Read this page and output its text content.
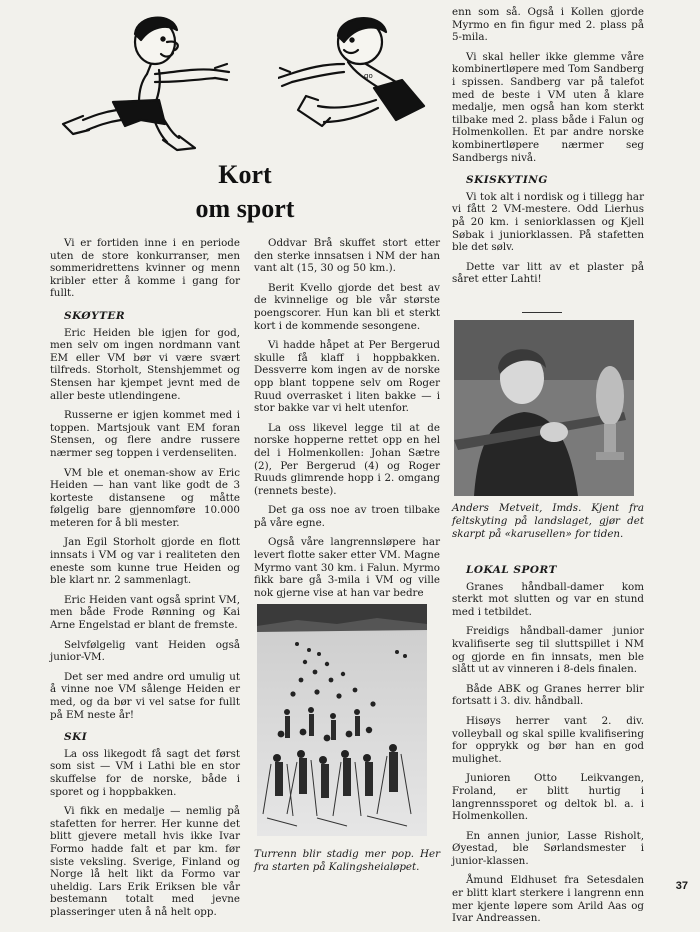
go
Kort
om sport

Vi er fortiden inne i en periode uten de store konkurranser, men sommeridrettens kvinner og menn kribler etter å komme i gang for fullt.

SKØYTER

Eric Heiden ble igjen for god, men selv om ingen nordmann vant EM eller VM bør vi være svært tilfreds. Storholt, Stenshjemmet og Stensen har kjempet jevnt med de aller beste utlendingene.

Russerne er igjen kommet med i toppen. Martsjouk vant EM foran Stensen, og flere andre russere nærmer seg toppen i verdenseliten.

VM ble et oneman-show av Eric Heiden — han vant like godt de 3 korteste distansene og måtte følgelig bare gjennomføre 10.000 meteren for å bli mester.

Jan Egil Storholt gjorde en flott innsats i VM og var i realiteten den eneste som kunne true Heiden og ble klart nr. 2 sammenlagt.

Eric Heiden vant også sprint VM, men både Frode Rønning og Kai Arne Engelstad er blant de fremste.

Selvfølgelig vant Heiden også junior-VM.

Det ser med andre ord umulig ut å vinne noe VM sålenge Heiden er med, og da bør vi vel satse for fullt på EM neste år!

SKI

La oss likegodt få sagt det først som sist — VM i Lathi ble en stor skuffelse for de norske, både i sporet og i hoppbakken.

Vi fikk en medalje — nemlig på stafetten for herrer. Her kunne det blitt gjevere metall hvis ikke Ivar Formo hadde falt et par km. før siste veksling. Sverige, Finland og Norge lå helt likt da Formo var uheldig. Lars Erik Eriksen ble vår bestemann totalt med jevne plasseringer uten å nå helt opp.

Oddvar Brå skuffet stort etter den sterke innsatsen i NM der han vant alt (15, 30 og 50 km.).

Berit Kvello gjorde det best av de kvinnelige og ble vår største poengscorer. Hun kan bli et sterkt kort i de kommende sesongene.

Vi hadde håpet at Per Bergerud skulle få klaff i hoppbakken. Dessverre kom ingen av de norske opp blant toppene selv om Roger Ruud overrasket i liten bakke — i stor bakke var vi helt utenfor.

La oss likevel legge til at de norske hopperne rettet opp en hel del i Holmenkollen: Johan Sætre (2), Per Bergerud (4) og Roger Ruuds glimrende hopp i 2. omgang (rennets beste).

Det ga oss noe av troen tilbake på våre egne.

Også våre langrennsløpere har levert flotte saker etter VM. Magne Myrmo vant 30 km. i Falun. Myrmo fikk bare gå 3-mila i VM og ville nok gjerne vise at han var bedre

Turrenn blir stadig mer pop. Her fra starten på Kalingsheialøpet.

enn som så. Også i Kollen gjorde Myrmo en fin figur med 2. plass på 5-mila.

Vi skal heller ikke glemme våre kombinertløpere med Tom Sandberg i spissen. Sandberg var på talefot med de beste i VM uten å klare medalje, men også han kom sterkt tilbake med 2. plass både i Falun og Holmenkollen. Et par andre norske kombinertløpere nærmer seg Sandbergs nivå.

SKISKYTING

Vi tok alt i nordisk og i tillegg har vi fått 2 VM-mestere. Odd Lierhus på 20 km. i seniorklassen og Kjell Søbak i juniorklassen. På stafetten ble det sølv.

Dette var litt av et plaster på såret etter Lahti!

Anders Metveit, Imds. Kjent fra feltskyting på landslaget, gjør det skarpt på «karusellen» for tiden.
LOKAL SPORT

Granes håndball-damer kom sterkt mot slutten og var en stund med i tetbildet.

Freidigs håndball-damer junior kvalifiserte seg til sluttspillet i NM og gjorde en fin innsats, men ble slått ut av vinneren i 8-dels finalen.

Både ABK og Granes herrer blir fortsatt i 3. div. håndball.

Hisøys herrer vant 2. div. volleyball og skal spille kvalifisering for opprykk og bør han en god mulighet.

Junioren Otto Leikvangen, Froland, er blitt hurtig i langrennssporet og deltok bl. a. i Holmenkollen.

En annen junior, Lasse Risholt, Øyestad, ble Sørlandsmester i junior-klassen.

Åmund Eldhuset fra Setesdalen er blitt klart sterkere i langrenn enn mer kjente løpere som Arild Aas og Ivar Andreassen.

37
